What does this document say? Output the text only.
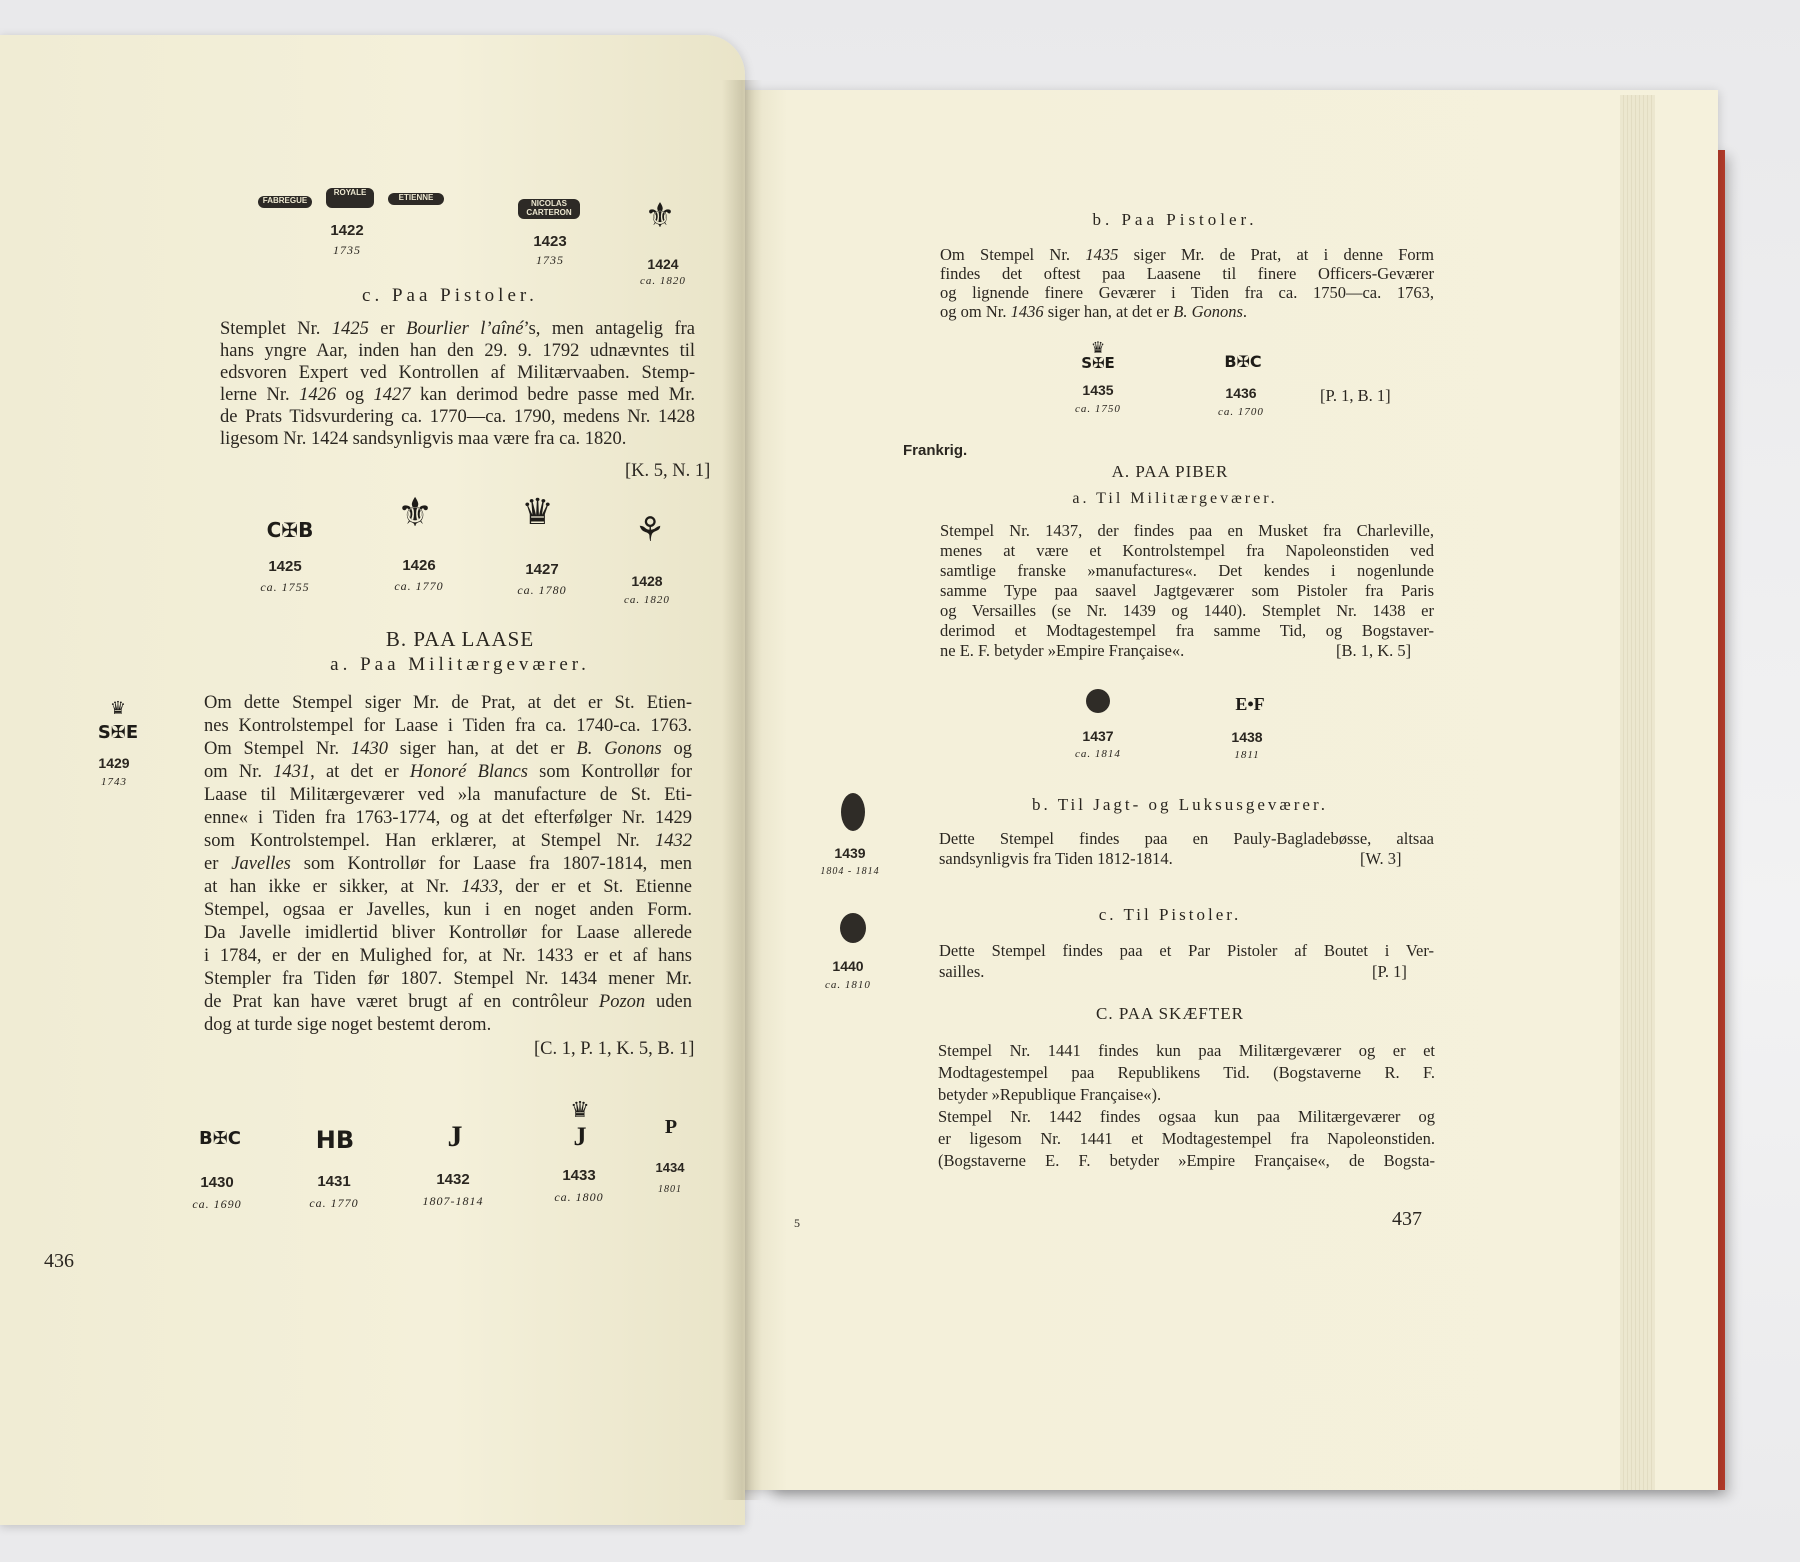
FABREGUE
ROYALE
ETIENNE
1422
1735
NICOLAS CARTERON
1423
1735
⚜
1424
ca. 1820
c. Paa Pistoler.
Stemplet Nr. 1425 er Bourlier l’aîné’s, men antagelig fra
hans yngre Aar, inden han den 29. 9. 1792 udnævntes til
edsvoren Expert ved Kontrollen af Militærvaaben. Stemp-
lerne Nr. 1426 og 1427 kan derimod bedre passe med Mr.
de Prats Tidsvurdering ca. 1770—ca. 1790, medens Nr. 1428
ligesom Nr. 1424 sandsynligvis maa være fra ca. 1820.
[K. 5, N. 1]
C✠B
1425
ca. 1755
⚜
1426
ca. 1770
♛
1427
ca. 1780
⚘
1428
ca. 1820
B. PAA LAASE
a. Paa Militærgeværer.
♛
S✠E
1429
1743
Om dette Stempel siger Mr. de Prat, at det er St. Etien-
nes Kontrolstempel for Laase i Tiden fra ca. 1740-ca. 1763.
Om Stempel Nr. 1430 siger han, at det er B. Gonons og
om Nr. 1431, at det er Honoré Blancs som Kontrollør for
Laase til Militærgeværer ved »la manufacture de St. Eti-
enne« i Tiden fra 1763-1774, og at det efterfølger Nr. 1429
som Kontrolstempel. Han erklærer, at Stempel Nr. 1432
er Javelles som Kontrollør for Laase fra 1807-1814, men
at han ikke er sikker, at Nr. 1433, der er et St. Etienne
Stempel, ogsaa er Javelles, kun i en noget anden Form.
Da Javelle imidlertid bliver Kontrollør for Laase allerede
i 1784, er der en Mulighed for, at Nr. 1433 er et af hans
Stempler fra Tiden før 1807. Stempel Nr. 1434 mener Mr.
de Prat kan have været brugt af en contrôleur Pozon uden
dog at turde sige noget bestemt derom.
[C. 1, P. 1, K. 5, B. 1]
B✠C
1430
ca. 1690
HB
1431
ca. 1770
J
1432
1807-1814
♛
J
1433
ca. 1800
P
1434
1801
436
b. Paa Pistoler.
Om Stempel Nr. 1435 siger Mr. de Prat, at i denne Form
findes det oftest paa Laasene til finere Officers-Geværer
og lignende finere Geværer i Tiden fra ca. 1750—ca. 1763,
og om Nr. 1436 siger han, at det er B. Gonons.
♛
S✠E
1435
ca. 1750
B✠C
1436
ca. 1700
[P. 1, B. 1]
Frankrig.
A. PAA PIBER
a. Til Militærgeværer.
Stempel Nr. 1437, der findes paa en Musket fra Charleville,
menes at være et Kontrolstempel fra Napoleonstiden ved
samtlige franske »manufactures«. Det kendes i nogenlunde
samme Type paa saavel Jagtgeværer som Pistoler fra Paris
og Versailles (se Nr. 1439 og 1440). Stemplet Nr. 1438 er
derimod et Modtagestempel fra samme Tid, og Bogstaver-
ne E. F. betyder »Empire Française«.	[B. 1, K. 5]
1437
ca. 1814
E•F
1438
1811
1439
1804 - 1814
1440
ca. 1810
b. Til Jagt- og Luksusgeværer.
Dette Stempel findes paa en Pauly-Bagladebøsse, altsaa
sandsynligvis fra Tiden 1812-1814.	[W. 3]
c. Til Pistoler.
Dette Stempel findes paa et Par Pistoler af Boutet i Ver-
sailles.	[P. 1]
C. PAA SKÆFTER
Stempel Nr. 1441 findes kun paa Militærgeværer og er et
Modtagestempel paa Republikens Tid. (Bogstaverne R. F.
betyder »Republique Française«).
Stempel Nr. 1442 findes ogsaa kun paa Militærgeværer og
er ligesom Nr. 1441 et Modtagestempel fra Napoleonstiden.
(Bogstaverne E. F. betyder »Empire Française«, de Bogsta-
5	437
